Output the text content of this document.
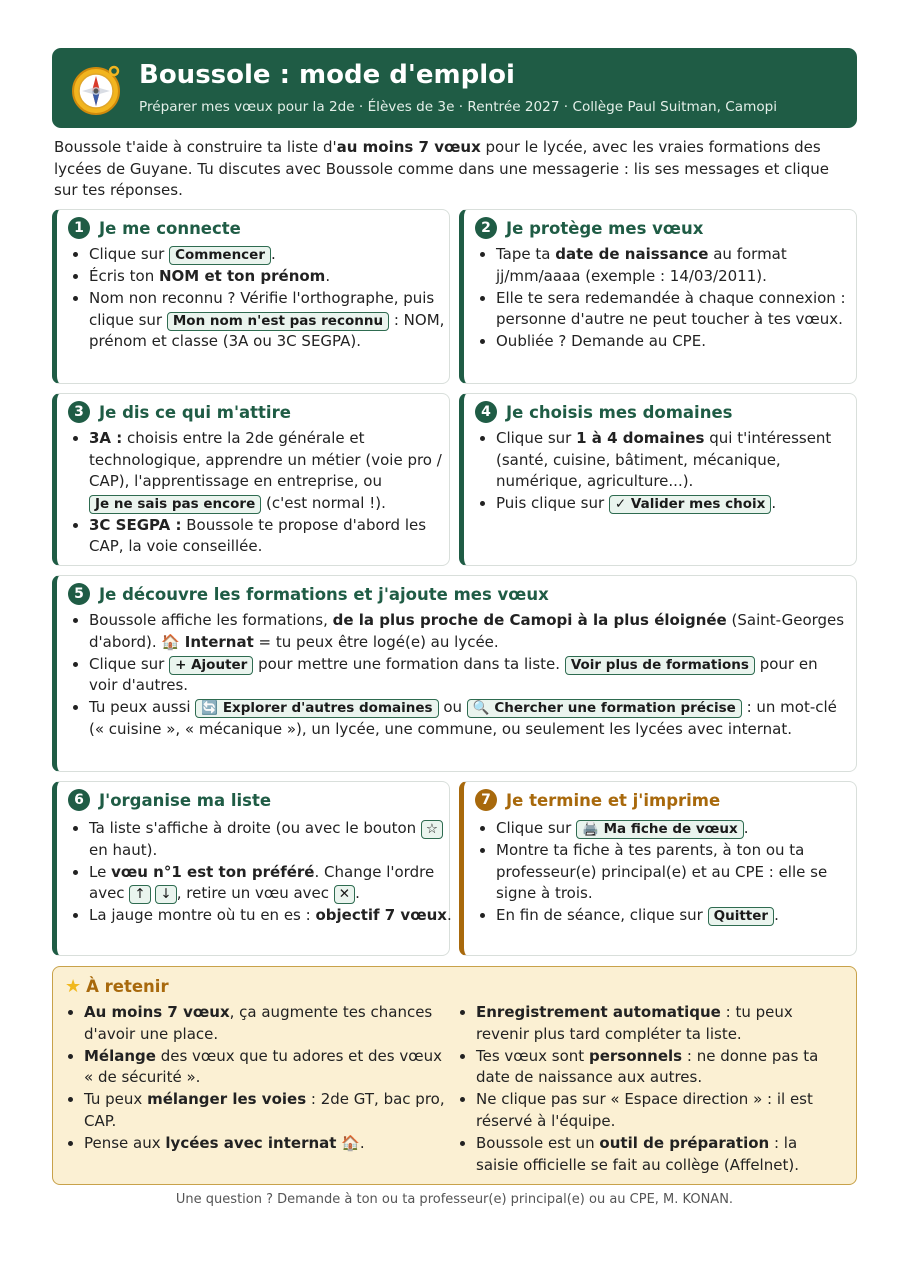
Boussole : mode d'emploi
Préparer mes vœux pour la 2de · Élèves de 3e · Rentrée 2027 · Collège Paul Suitman, Camopi

Boussole t'aide à construire ta liste d'au moins 7 vœux pour le lycée, avec les vraies formations des lycées de Guyane. Tu discutes avec Boussole comme dans une messagerie : lis ses messages et clique sur tes réponses.

1 Je me connecte
• Clique sur Commencer .
• Écris ton NOM et ton prénom.
• Nom non reconnu ? Vérifie l'orthographe, puis clique sur Mon nom n'est pas reconnu : NOM, prénom et classe (3A ou 3C SEGPA).
2 Je protège mes vœux
• Tape ta date de naissance au format jj/mm/aaaa (exemple : 14/03/2011).
• Elle te sera redemandée à chaque connexion : personne d'autre ne peut toucher à tes vœux.
• Oubliée ? Demande au CPE.
3 Je dis ce qui m'attire
• 3A : choisis entre la 2de générale et technologique, apprendre un métier (voie pro / CAP), l'apprentissage en entreprise, ou Je ne sais pas encore (c'est normal !).
• 3C SEGPA : Boussole te propose d'abord les CAP, la voie conseillée.
4 Je choisis mes domaines
• Clique sur 1 à 4 domaines qui t'intéressent (santé, cuisine, bâtiment, mécanique, numérique, agriculture...).
• Puis clique sur ✓ Valider mes choix .
5 Je découvre les formations et j'ajoute mes vœux
• Boussole affiche les formations, de la plus proche de Camopi à la plus éloignée (Saint-Georges d'abord). 🏠 Internat = tu peux être logé(e) au lycée.
• Clique sur + Ajouter pour mettre une formation dans ta liste. Voir plus de formations pour en voir d'autres.
• Tu peux aussi 🔄 Explorer d'autres domaines ou 🔍 Chercher une formation précise : un mot-clé (« cuisine », « mécanique »), un lycée, une commune, ou seulement les lycées avec internat.
6 J'organise ma liste
• Ta liste s'affiche à droite (ou avec le bouton ☆ en haut).
• Le vœu n°1 est ton préféré. Change l'ordre avec ↑ ↓ , retire un vœu avec ✕ .
• La jauge montre où tu en es : objectif 7 vœux.
7 Je termine et j'imprime
• Clique sur 🖨️ Ma fiche de vœux .
• Montre ta fiche à tes parents, à ton ou ta professeur(e) principal(e) et au CPE : elle se signe à trois.
• En fin de séance, clique sur Quitter .
★ À retenir
• Au moins 7 vœux, ça augmente tes chances d'avoir une place.
• Mélange des vœux que tu adores et des vœux « de sécurité ».
• Tu peux mélanger les voies : 2de GT, bac pro, CAP.
• Pense aux lycées avec internat 🏠.
• Enregistrement automatique : tu peux revenir plus tard compléter ta liste.
• Tes vœux sont personnels : ne donne pas ta date de naissance aux autres.
• Ne clique pas sur « Espace direction » : il est réservé à l'équipe.
• Boussole est un outil de préparation : la saisie officielle se fait au collège (Affelnet).
Une question ? Demande à ton ou ta professeur(e) principal(e) ou au CPE, M. KONAN.
